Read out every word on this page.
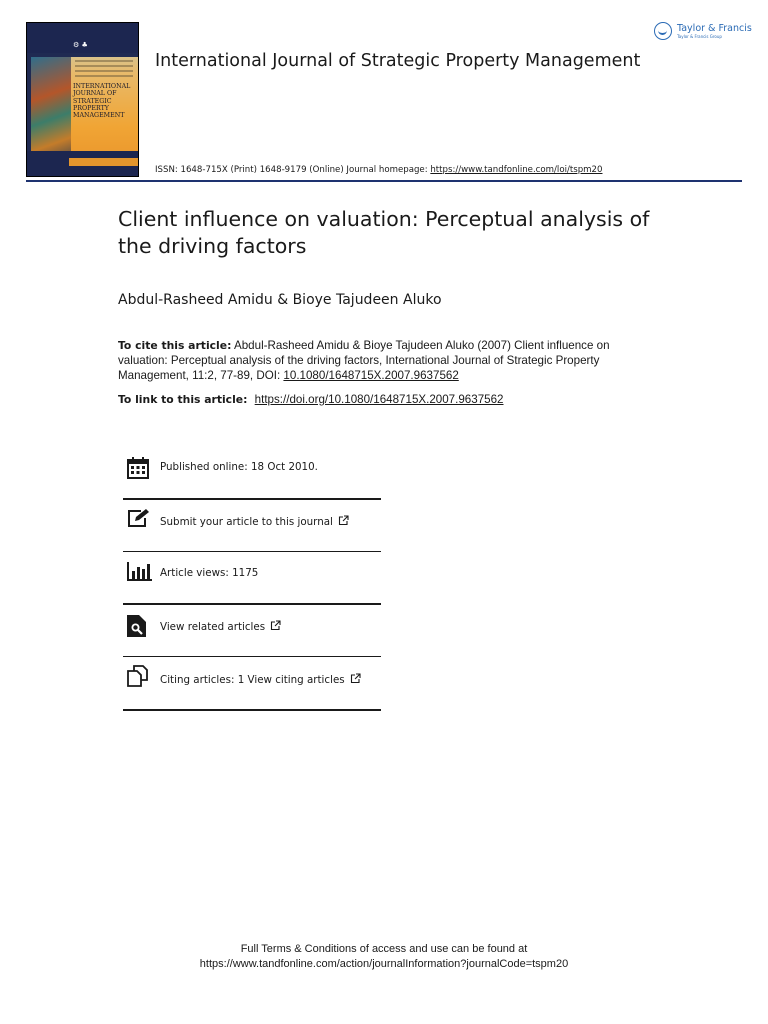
⚙ ♣
INTERNATIONAL
JOURNAL OF
STRATEGIC
PROPERTY
MANAGEMENT
Taylor & Francis
Taylor & Francis Group
International Journal of Strategic Property Management
ISSN: 1648-715X (Print) 1648-9179 (Online) Journal homepage: https://www.tandfonline.com/loi/tspm20
Client influence on valuation: Perceptual analysis of the driving factors
Abdul-Rasheed Amidu & Bioye Tajudeen Aluko
To cite this article: Abdul-Rasheed Amidu & Bioye Tajudeen Aluko (2007) Client influence on valuation: Perceptual analysis of the driving factors, International Journal of Strategic Property Management, 11:2, 77-89, DOI: 10.1080/1648715X.2007.9637562
To link to this article: https://doi.org/10.1080/1648715X.2007.9637562
Published online: 18 Oct 2010.
Submit your article to this journal
Article views: 1175
View related articles
Citing articles: 1 View citing articles
Full Terms & Conditions of access and use can be found at
https://www.tandfonline.com/action/journalInformation?journalCode=tspm20
